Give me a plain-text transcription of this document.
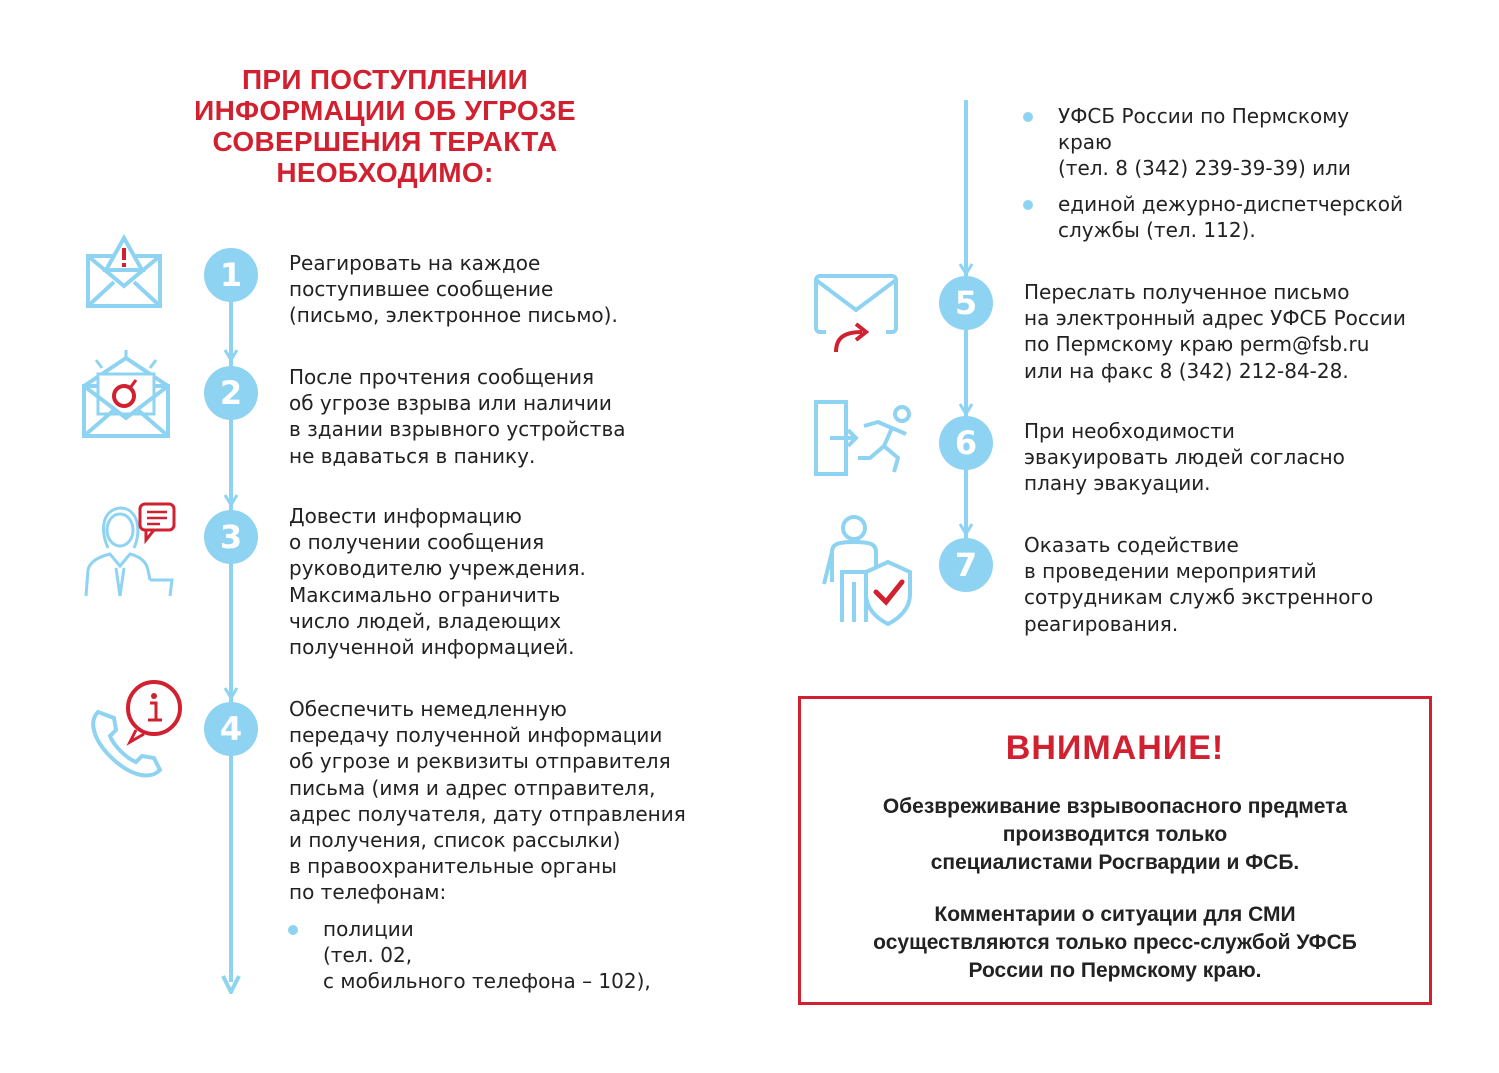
ПРИ ПОСТУПЛЕНИИ
ИНФОРМАЦИИ ОБ УГРОЗЕ
СОВЕРШЕНИЯ ТЕРАКТА
НЕОБХОДИМО:
1
2
3
4
5
6
7
Реагировать на каждое
поступившее сообщение
(письмо, электронное письмо).
После прочтения сообщения
об угрозе взрыва или наличии
в здании взрывного устройства
не вдаваться в панику.
Довести информацию
о получении сообщения
руководителю учреждения.
Максимально ограничить
число людей, владеющих
полученной информацией.
Обеспечить немедленную
передачу полученной информации
об угрозе и реквизиты отправителя
письма (имя и адрес отправителя,
адрес получателя, дату отправления
и получения, список рассылки)
в правоохранительные органы
по телефонам:
Переслать полученное письмо
на электронный адрес УФСБ России
по Пермскому краю perm@fsb.ru
или на факс 8 (342) 212-84-28.
При необходимости
эвакуировать людей согласно
плану эвакуации.
Оказать содействие
в проведении мероприятий
сотрудникам служб экстренного
реагирования.
полиции
(тел. 02,
с мобильного телефона – 102),
УФСБ России по Пермскому
краю
(тел. 8 (342) 239-39-39) или
единой дежурно-диспетчерской
службы (тел. 112).
ВНИМАНИЕ!
Обезвреживание взрывоопасного предмета
производится только
специалистами Росгвардии и ФСБ.
Комментарии о ситуации для СМИ
осуществляются только пресс-службой УФСБ
России по Пермскому краю.
